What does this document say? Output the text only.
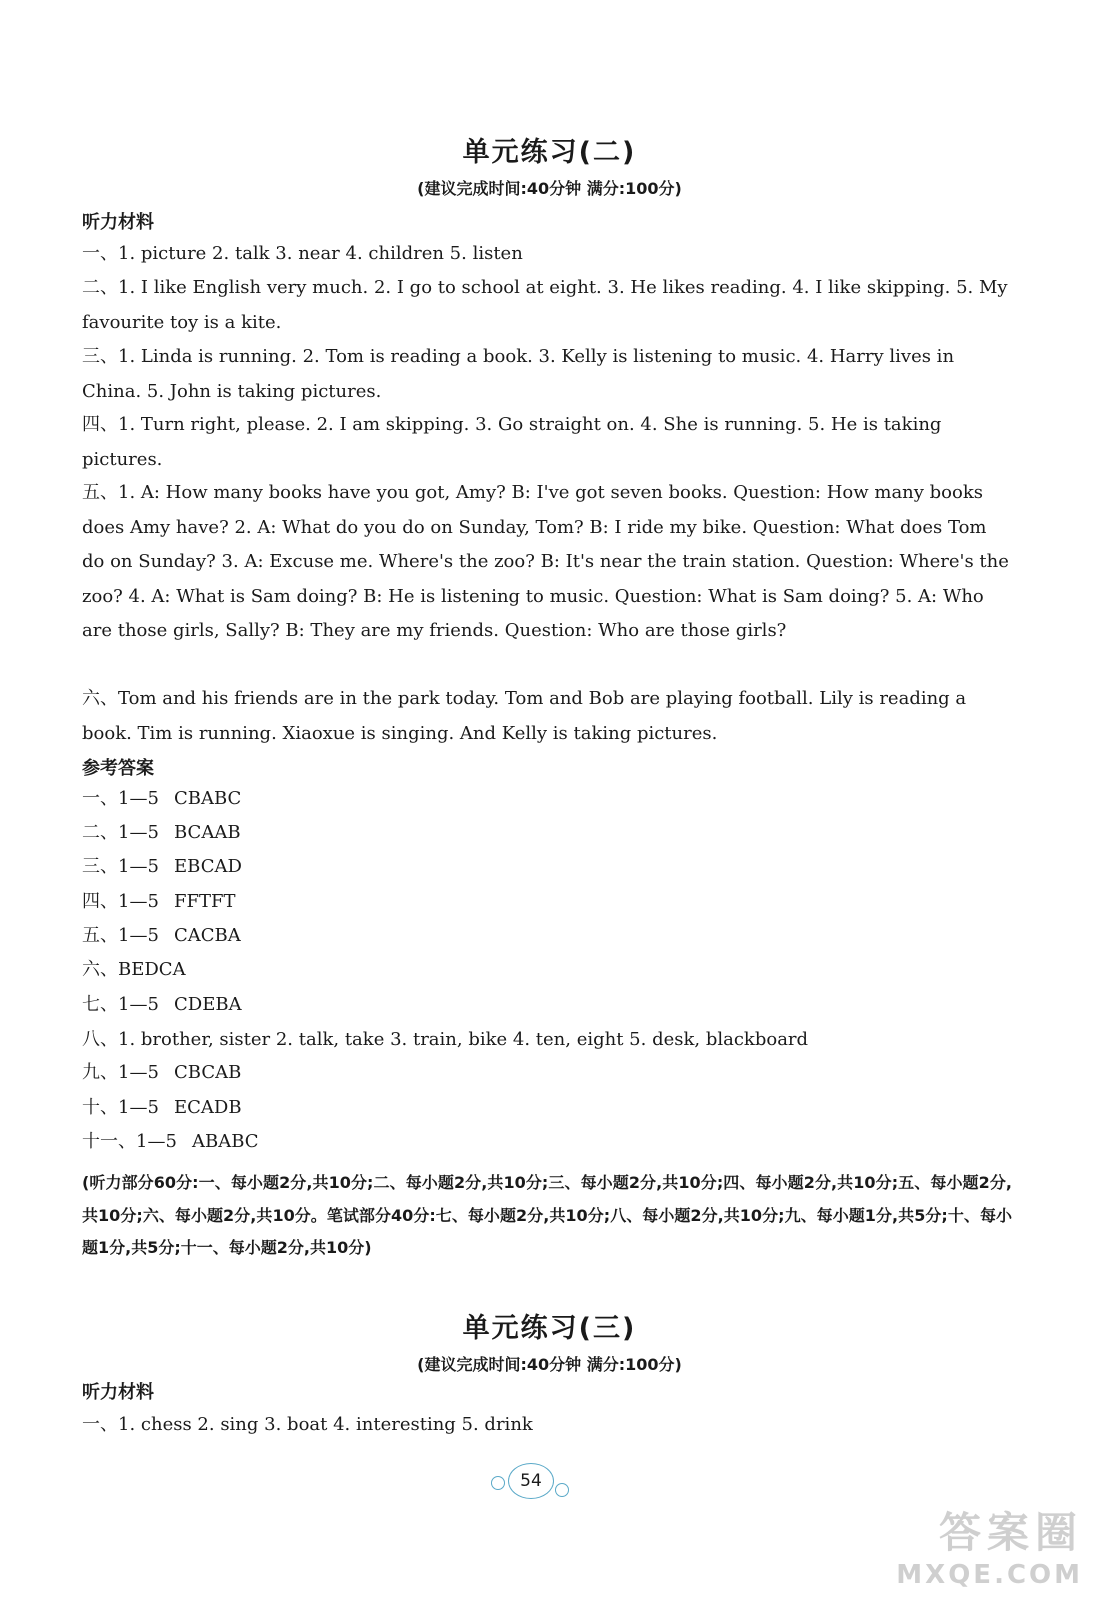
单元练习(二)
(建议完成时间:40分钟 满分:100分)
听力材料
一、1. picture 2. talk 3. near 4. children 5. listen
二、1. I like English very much. 2. I go to school at eight. 3. He likes reading. 4. I like skipping. 5. My favourite toy is a kite.
三、1. Linda is running. 2. Tom is reading a book. 3. Kelly is listening to music. 4. Harry lives in China. 5. John is taking pictures.
四、1. Turn right, please. 2. I am skipping. 3. Go straight on. 4. She is running. 5. He is taking pictures.
五、1. A: How many books have you got, Amy? B: I've got seven books. Question: How many books does Amy have? 2. A: What do you do on Sunday, Tom? B: I ride my bike. Question: What does Tom do on Sunday? 3. A: Excuse me. Where's the zoo? B: It's near the train station. Question: Where's the zoo? 4. A: What is Sam doing? B: He is listening to music. Question: What is Sam doing? 5. A: Who are those girls, Sally? B: They are my friends. Question: Who are those girls?
六、Tom and his friends are in the park today. Tom and Bob are playing football. Lily is reading a book. Tim is running. Xiaoxue is singing. And Kelly is taking pictures.
参考答案
一、1—5 CBABC
二、1—5 BCAAB
三、1—5 EBCAD
四、1—5 FFTFT
五、1—5 CACBA
六、BEDCA
七、1—5 CDEBA
八、1. brother, sister 2. talk, take 3. train, bike 4. ten, eight 5. desk, blackboard
九、1—5 CBCAB
十、1—5 ECADB
十一、1—5 ABABC
(听力部分60分:一、每小题2分,共10分;二、每小题2分,共10分;三、每小题2分,共10分;四、每小题2分,共10分;五、每小题2分,共10分;六、每小题2分,共10分。笔试部分40分:七、每小题2分,共10分;八、每小题2分,共10分;九、每小题1分,共5分;十、每小题1分,共5分;十一、每小题2分,共10分)
单元练习(三)
(建议完成时间:40分钟 满分:100分)
听力材料
一、1. chess 2. sing 3. boat 4. interesting 5. drink
54
答案圈
MXQE.COM
